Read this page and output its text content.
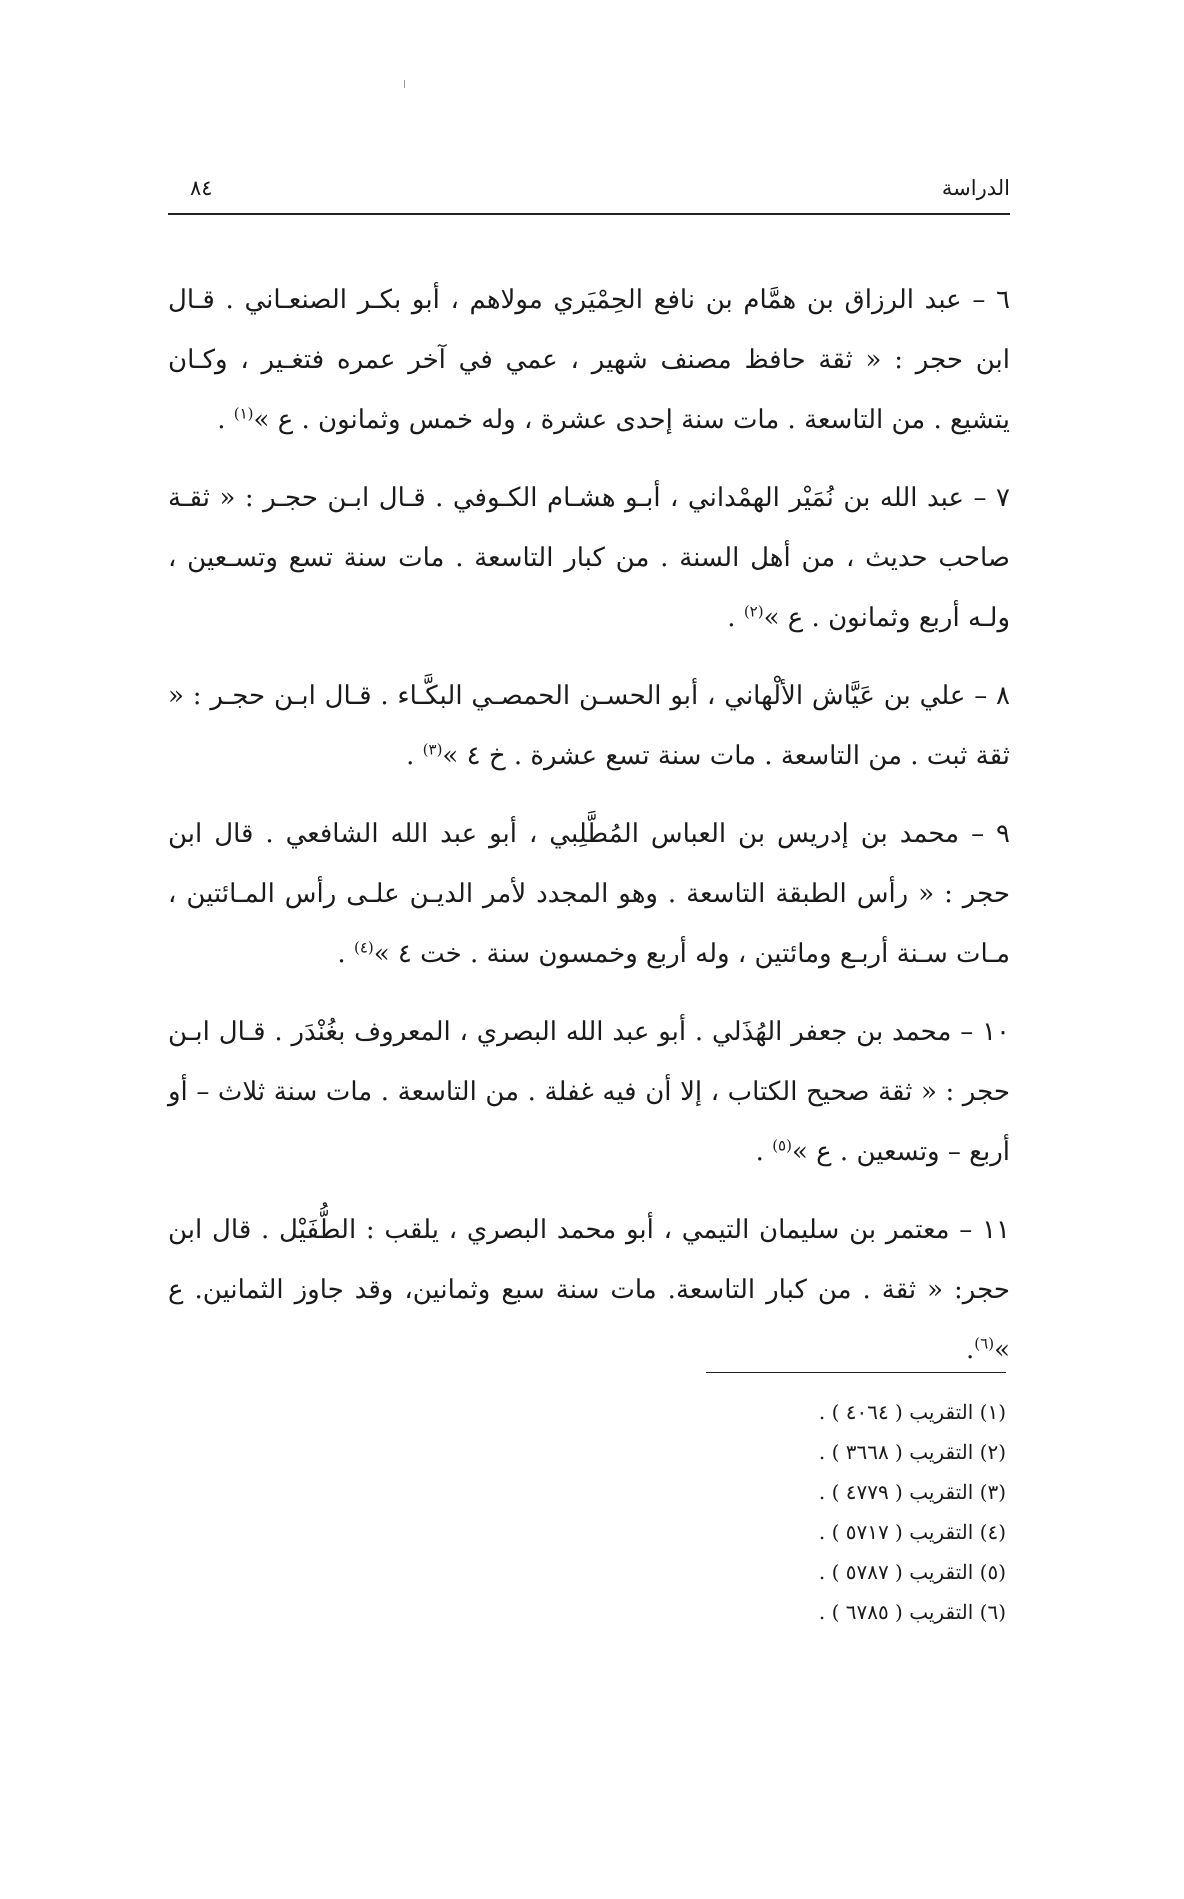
الدراسة
٨٤

٦ – عبد الرزاق بن همَّام بن نافع الحِمْيَري مولاهم ، أبو بكـر الصنعـاني . قـال ابن حجر : « ثقة حافظ مصنف شهير ، عمي في آخر عمره فتغـير ، وكـان يتشيع . من التاسعة . مات سنة إحدى عشرة ، وله خمس وثمانون . ع »$^{(١)}$ .

٧ – عبد الله بن نُمَيْر الهمْداني ، أبـو هشـام الكـوفي . قـال ابـن حجـر : « ثقـة صاحب حديث ، من أهل السنة . من كبار التاسعة . مات سنة تسع وتسـعين ، ولـه أربع وثمانون . ع »$^{(٢)}$ .

٨ – علي بن عَيَّاش الألْهاني ، أبو الحسـن الحمصـي البكَّـاء . قـال ابـن حجـر : « ثقة ثبت . من التاسعة . مات سنة تسع عشرة . خ ٤ »$^{(٣)}$ .

٩ – محمد بن إدريس بن العباس المُطَّلِبي ، أبو عبد الله الشافعي . قال ابن حجر : « رأس الطبقة التاسعة . وهو المجدد لأمر الديـن علـى رأس المـائتين ، مـات سـنة أربـع ومائتين ، وله أربع وخمسون سنة . خت ٤ »$^{(٤)}$ .

١٠ – محمد بن جعفر الهُذَلي . أبو عبد الله البصري ، المعروف بغُنْدَر . قـال ابـن حجر : « ثقة صحيح الكتاب ، إلا أن فيه غفلة . من التاسعة . مات سنة ثلاث – أو أربع – وتسعين . ع »$^{(٥)}$ .

١١ – معتمر بن سليمان التيمي ، أبو محمد البصري ، يلقب : الطُّفَيْل . قال ابن حجر: « ثقة . من كبار التاسعة. مات سنة سبع وثمانين، وقد جاوز الثمانين. ع »$^{(٦)}$.

(١) التقريب ( ٤٠٦٤ ) .
(٢) التقريب ( ٣٦٦٨ ) .
(٣) التقريب ( ٤٧٧٩ ) .
(٤) التقريب ( ٥٧١٧ ) .
(٥) التقريب ( ٥٧٨٧ ) .
(٦) التقريب ( ٦٧٨٥ ) .
